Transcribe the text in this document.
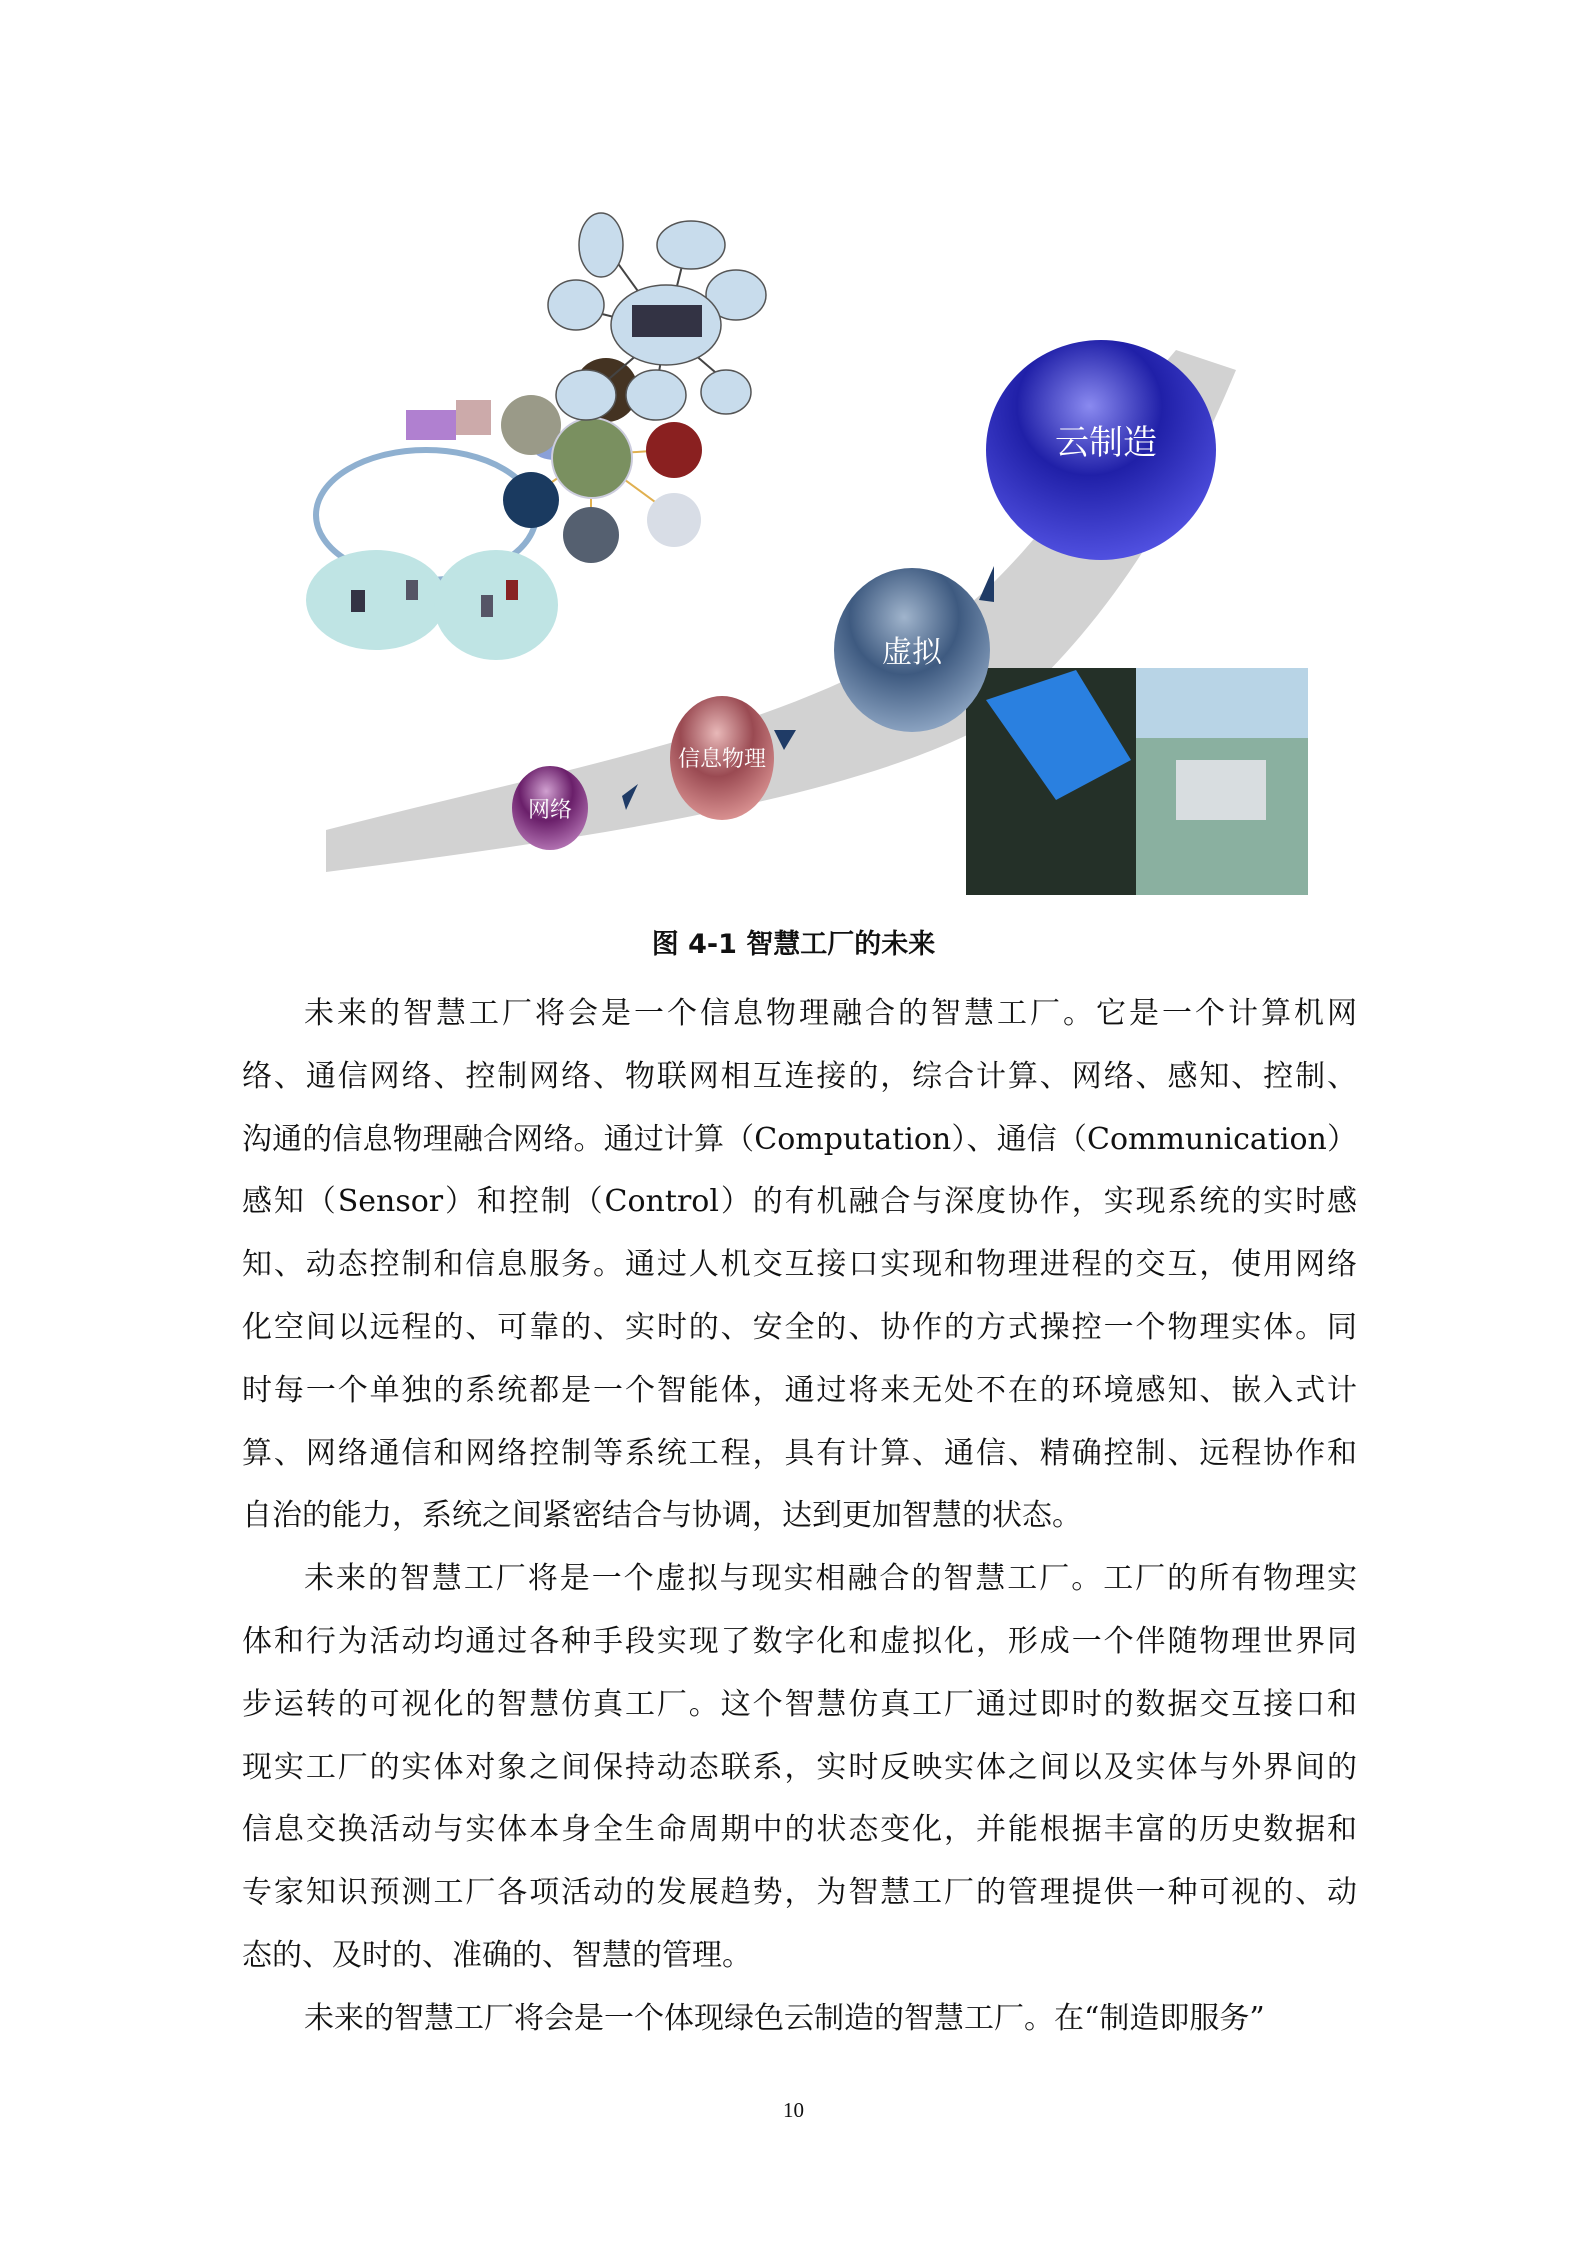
网络
信息物理
虚拟
云制造
图 4-1 智慧工厂的未来
未来的智慧工厂将会是一个信息物理融合的智慧工厂。它是一个计算机网
络、通信网络、控制网络、物联网相互连接的，综合计算、网络、感知、控制、
沟通的信息物理融合网络。通过计算（Computation）、通信（Communication）
感知（Sensor）和控制（Control）的有机融合与深度协作，实现系统的实时感
知、动态控制和信息服务。通过人机交互接口实现和物理进程的交互，使用网络
化空间以远程的、可靠的、实时的、安全的、协作的方式操控一个物理实体。同
时每一个单独的系统都是一个智能体，通过将来无处不在的环境感知、嵌入式计
算、网络通信和网络控制等系统工程，具有计算、通信、精确控制、远程协作和
自治的能力，系统之间紧密结合与协调，达到更加智慧的状态。
未来的智慧工厂将是一个虚拟与现实相融合的智慧工厂。工厂的所有物理实
体和行为活动均通过各种手段实现了数字化和虚拟化，形成一个伴随物理世界同
步运转的可视化的智慧仿真工厂。这个智慧仿真工厂通过即时的数据交互接口和
现实工厂的实体对象之间保持动态联系，实时反映实体之间以及实体与外界间的
信息交换活动与实体本身全生命周期中的状态变化，并能根据丰富的历史数据和
专家知识预测工厂各项活动的发展趋势，为智慧工厂的管理提供一种可视的、动
态的、及时的、准确的、智慧的管理。
未来的智慧工厂将会是一个体现绿色云制造的智慧工厂。在“制造即服务”
10
